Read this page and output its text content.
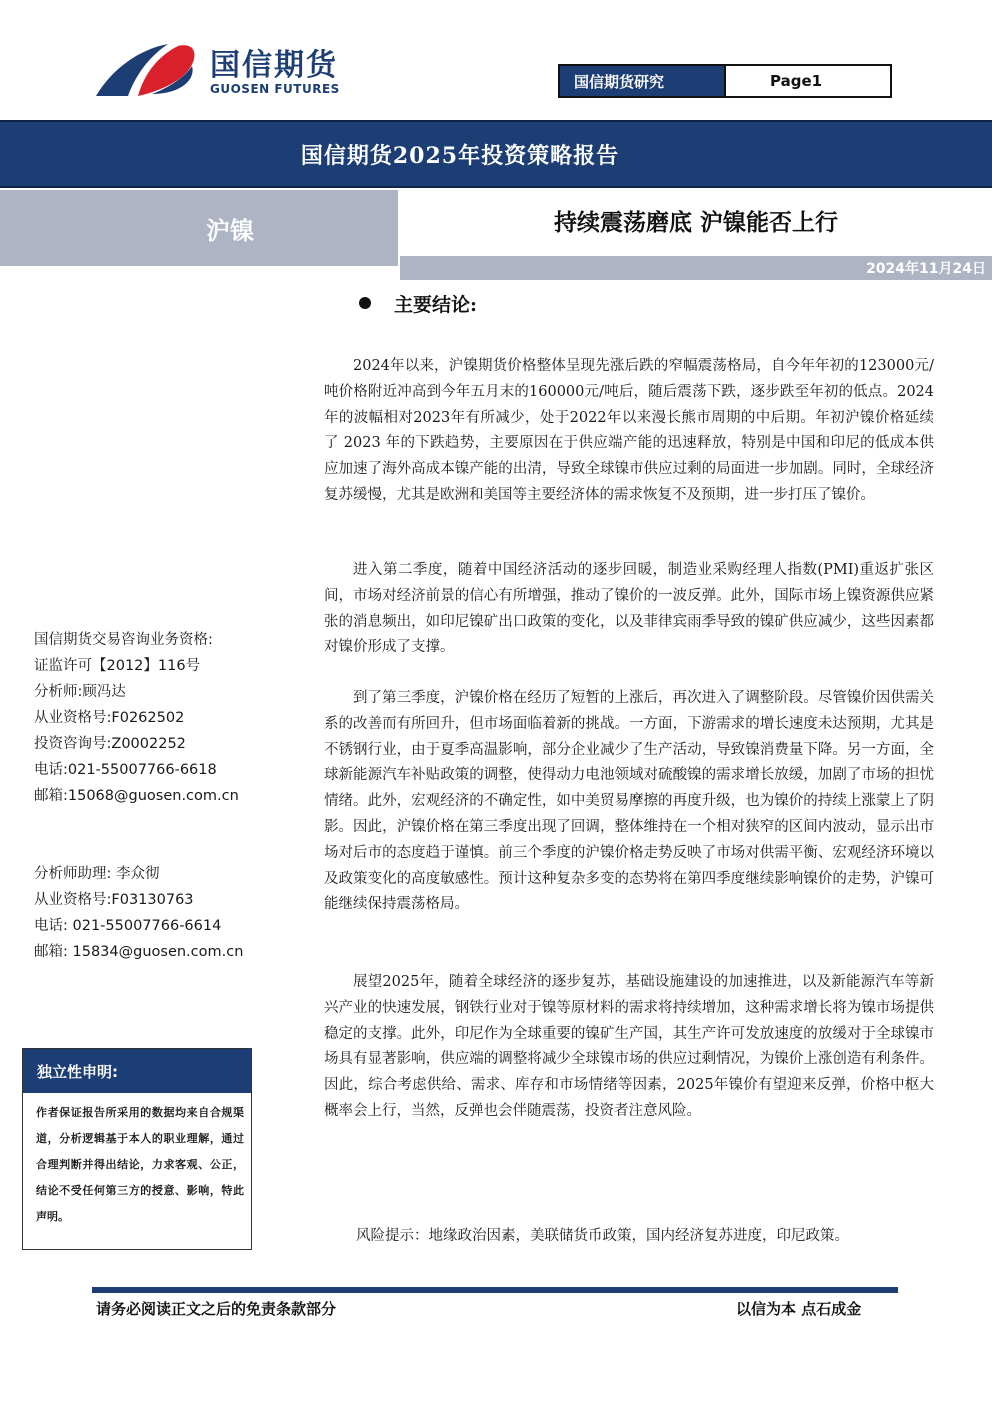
国信期货
GUOSEN FUTURES	国信期货研究	Page1
国信期货2025年投资策略报告
沪镍	持续震荡磨底 沪镍能否上行
2024年11月24日
主要结论:

2024年以来，沪镍期货价格整体呈现先涨后跌的窄幅震荡格局，自今年年初的123000元/吨价格附近冲高到今年五月末的160000元/吨后，随后震荡下跌，逐步跌至年初的低点。2024年的波幅相对2023年有所减少，处于2022年以来漫长熊市周期的中后期。年初沪镍价格延续了 2023 年的下跌趋势，主要原因在于供应端产能的迅速释放，特别是中国和印尼的低成本供应加速了海外高成本镍产能的出清，导致全球镍市供应过剩的局面进一步加剧。同时，全球经济复苏缓慢，尤其是欧洲和美国等主要经济体的需求恢复不及预期，进一步打压了镍价。

进入第二季度，随着中国经济活动的逐步回暖，制造业采购经理人指数(PMI)重返扩张区间，市场对经济前景的信心有所增强，推动了镍价的一波反弹。此外，国际市场上镍资源供应紧张的消息频出，如印尼镍矿出口政策的变化，以及菲律宾雨季导致的镍矿供应减少，这些因素都对镍价形成了支撑。

到了第三季度，沪镍价格在经历了短暂的上涨后，再次进入了调整阶段。尽管镍价因供需关系的改善而有所回升，但市场面临着新的挑战。一方面，下游需求的增长速度未达预期，尤其是不锈钢行业，由于夏季高温影响，部分企业减少了生产活动，导致镍消费量下降。另一方面，全球新能源汽车补贴政策的调整，使得动力电池领域对硫酸镍的需求增长放缓，加剧了市场的担忧情绪。此外，宏观经济的不确定性，如中美贸易摩擦的再度升级，也为镍价的持续上涨蒙上了阴影。因此，沪镍价格在第三季度出现了回调，整体维持在一个相对狭窄的区间内波动，显示出市场对后市的态度趋于谨慎。前三个季度的沪镍价格走势反映了市场对供需平衡、宏观经济环境以及政策变化的高度敏感性。预计这种复杂多变的态势将在第四季度继续影响镍价的走势，沪镍可能继续保持震荡格局。

展望2025年，随着全球经济的逐步复苏，基础设施建设的加速推进，以及新能源汽车等新兴产业的快速发展，钢铁行业对于镍等原材料的需求将持续增加，这种需求增长将为镍市场提供稳定的支撑。此外，印尼作为全球重要的镍矿生产国，其生产许可发放速度的放缓对于全球镍市场具有显著影响，供应端的调整将减少全球镍市场的供应过剩情况，为镍价上涨创造有利条件。因此，综合考虑供给、需求、库存和市场情绪等因素，2025年镍价有望迎来反弹，价格中枢大概率会上行，当然，反弹也会伴随震荡，投资者注意风险。

风险提示：地缘政治因素，美联储货币政策，国内经济复苏进度，印尼政策。
国信期货交易咨询业务资格:
证监许可【2012】116号
分析师:顾冯达
从业资格号:F0262502
投资咨询号:Z0002252
电话:021-55007766-6618
邮箱:15068@guosen.com.cn
分析师助理: 李众彻
从业资格号:F03130763
电话: 021-55007766-6614
邮箱: 15834@guosen.com.cn
独立性申明:
作者保证报告所采用的数据均来自合规渠道，分析逻辑基于本人的职业理解，通过合理判断并得出结论，力求客观、公正，结论不受任何第三方的授意、影响，特此声明。
请务必阅读正文之后的免责条款部分	以信为本 点石成金
